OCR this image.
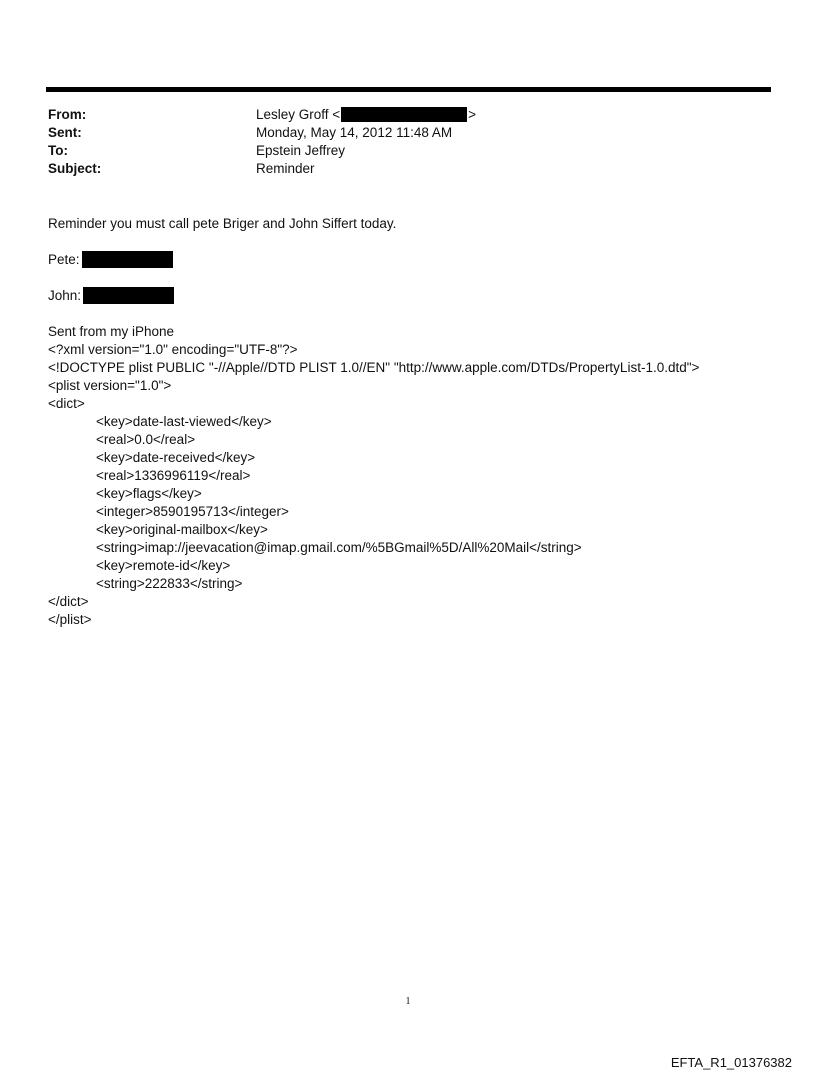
From:	Lesley Groff <	>
Sent:	Monday, May 14, 2012 11:48 AM
To:	Epstein Jeffrey
Subject:	Reminder
Reminder you must call pete Briger and John Siffert today.
Pete:
John:
Sent from my iPhone
<?xml version="1.0" encoding="UTF-8"?>
<!DOCTYPE plist PUBLIC "-//Apple//DTD PLIST 1.0//EN" "http://www.apple.com/DTDs/PropertyList-1.0.dtd">
<plist version="1.0">
<dict>
<key>date-last-viewed</key>
<real>0.0</real>
<key>date-received</key>
<real>1336996119</real>
<key>flags</key>
<integer>8590195713</integer>
<key>original-mailbox</key>
<string>imap://jeevacation@imap.gmail.com/%5BGmail%5D/All%20Mail</string>
<key>remote-id</key>
<string>222833</string>
</dict>
</plist>
1
EFTA_R1_01376382
